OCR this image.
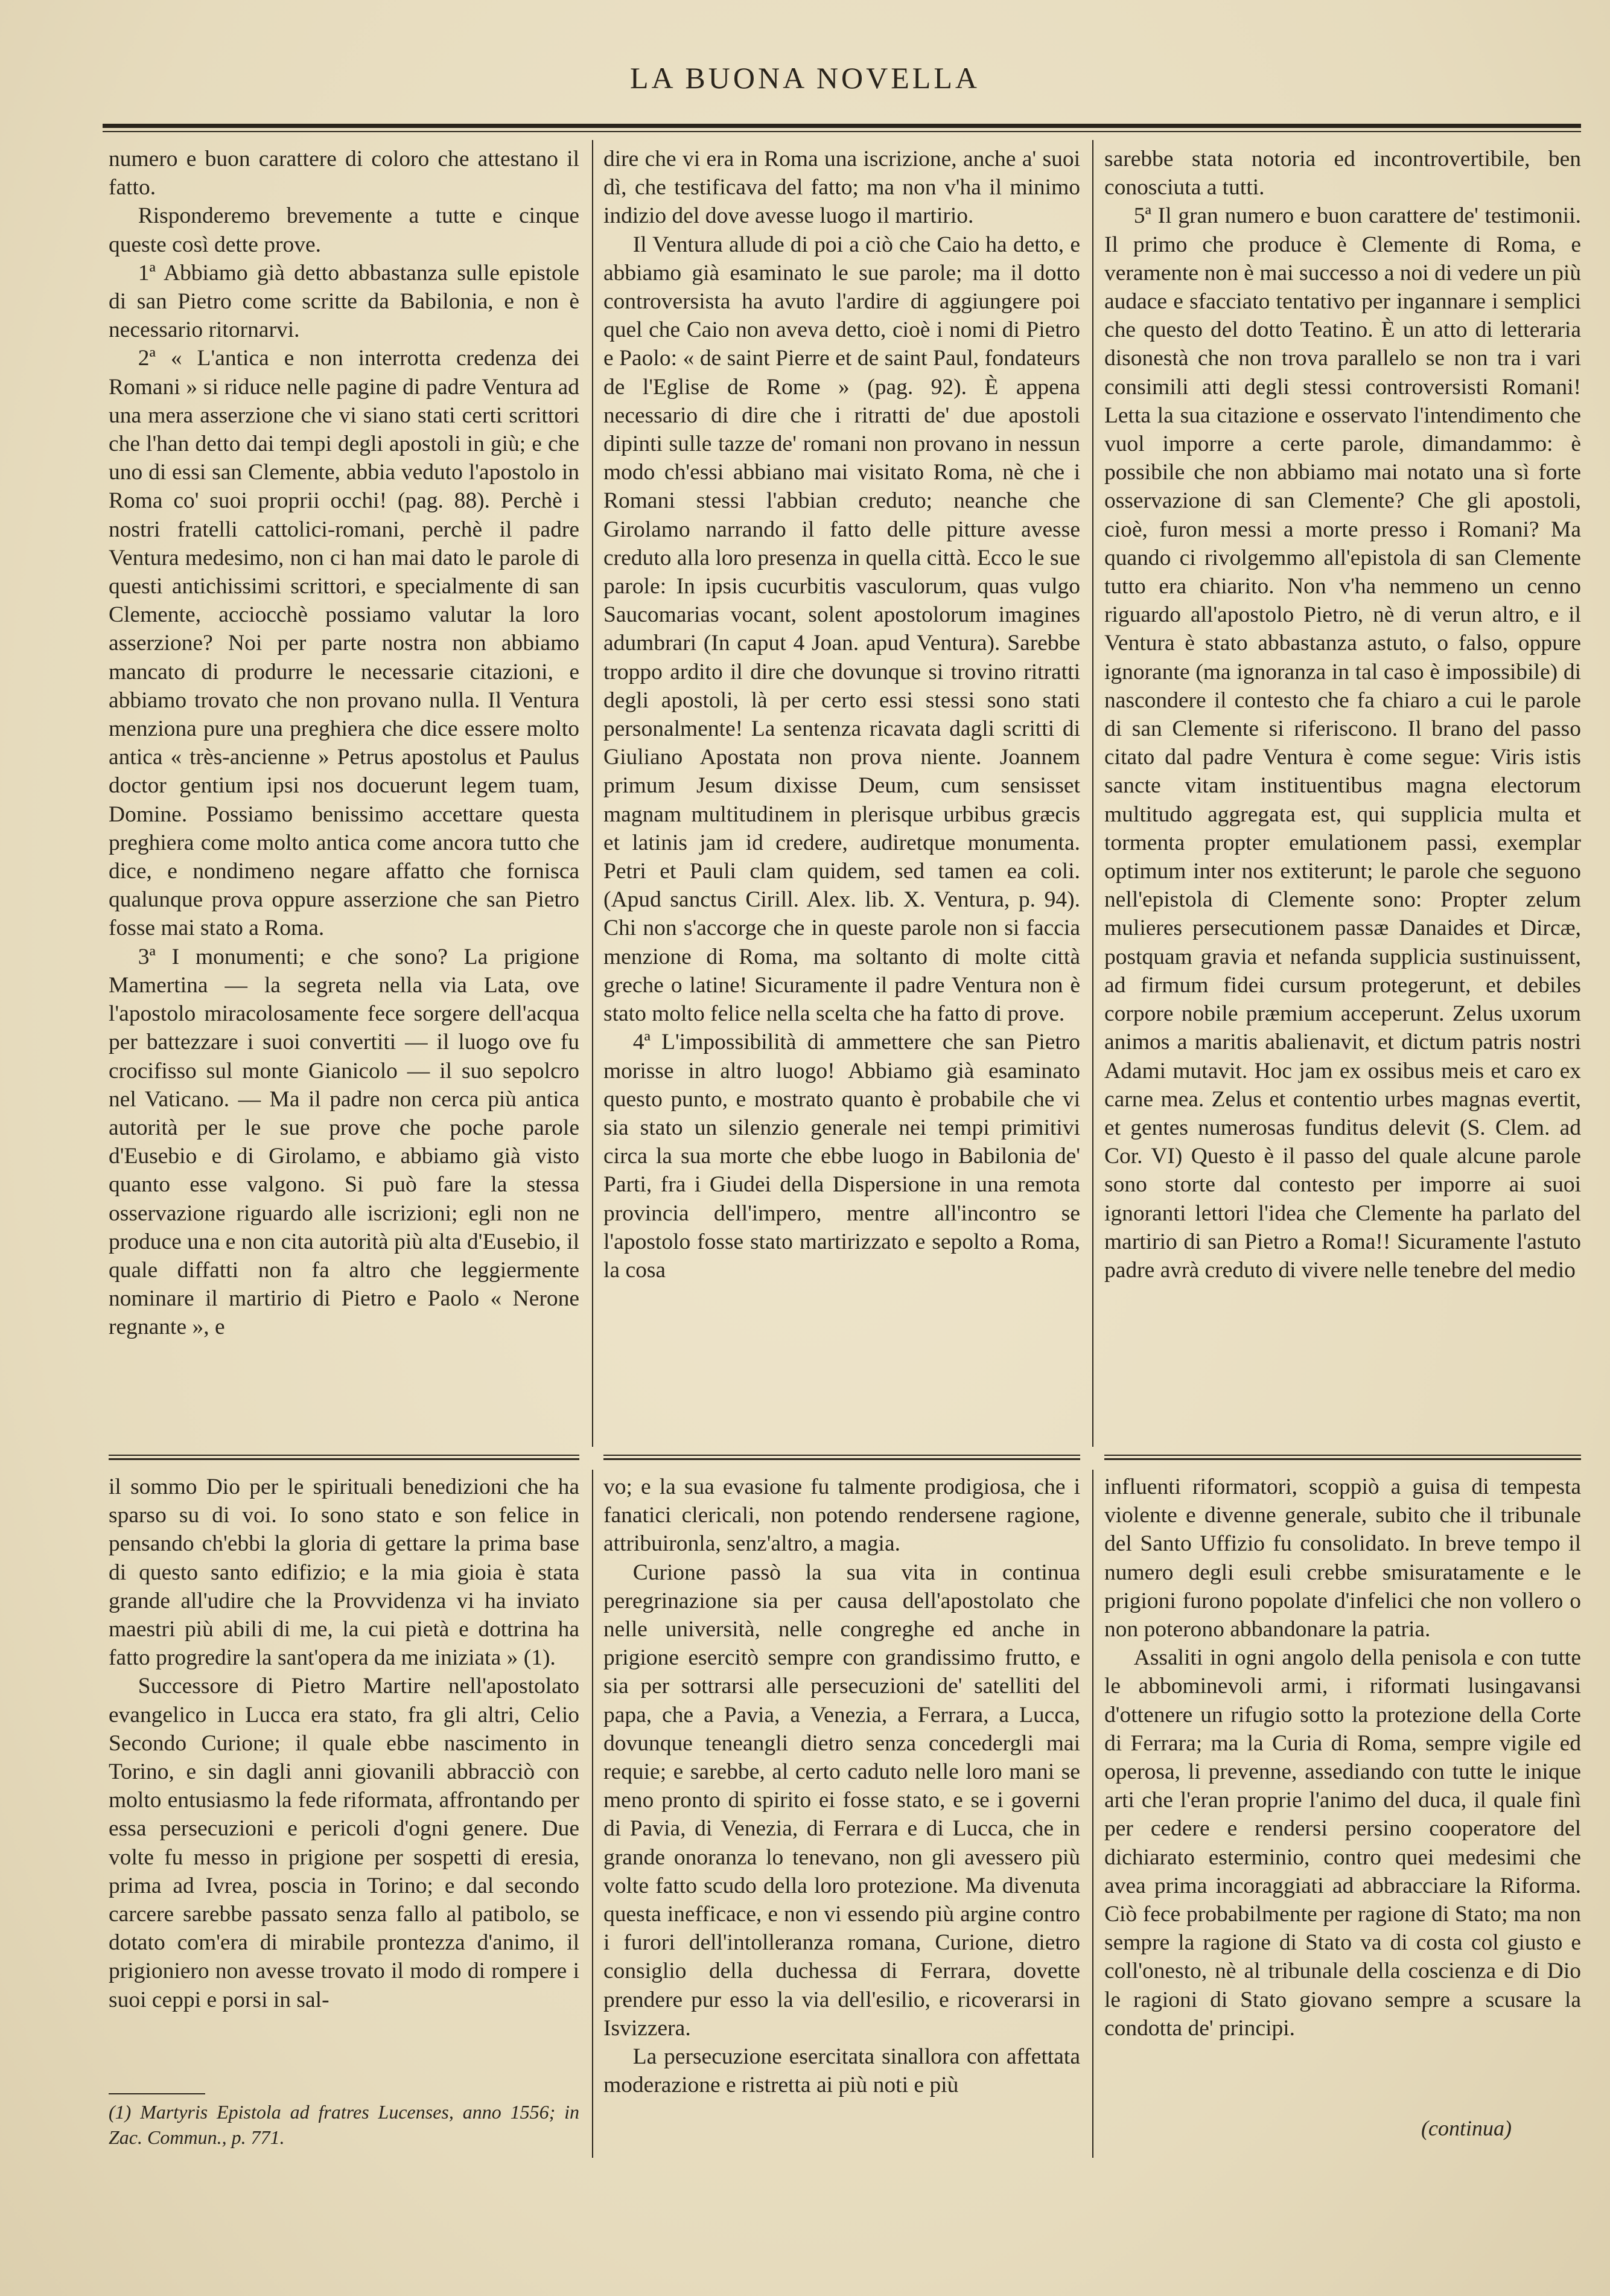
LA BUONA NOVELLA

numero e buon carattere di coloro che attestano il fatto.

Risponderemo brevemente a tutte e cinque queste così dette prove.

1ª Abbiamo già detto abbastanza sulle epistole di san Pietro come scritte da Babilonia, e non è necessario ritornarvi.

2ª « L'antica e non interrotta credenza dei Romani » si riduce nelle pagine di padre Ventura ad una mera asserzione che vi siano stati certi scrittori che l'han detto dai tempi degli apostoli in giù; e che uno di essi san Clemente, abbia veduto l'apostolo in Roma co' suoi proprii occhi! (pag. 88). Perchè i nostri fratelli cattolici-romani, perchè il padre Ventura medesimo, non ci han mai dato le parole di questi antichissimi scrittori, e specialmente di san Clemente, acciocchè possiamo valutar la loro asserzione? Noi per parte nostra non abbiamo mancato di produrre le necessarie citazioni, e abbiamo trovato che non provano nulla. Il Ventura menziona pure una preghiera che dice essere molto antica « très-ancienne » Petrus apostolus et Paulus doctor gentium ipsi nos docuerunt legem tuam, Domine. Possiamo benissimo accettare questa preghiera come molto antica come ancora tutto che dice, e nondimeno negare affatto che fornisca qualunque prova oppure asserzione che san Pietro fosse mai stato a Roma.

3ª I monumenti; e che sono? La prigione Mamertina — la segreta nella via Lata, ove l'apostolo miracolosamente fece sorgere dell'acqua per battezzare i suoi convertiti — il luogo ove fu crocifisso sul monte Gianicolo — il suo sepolcro nel Vaticano. — Ma il padre non cerca più antica autorità per le sue prove che poche parole d'Eusebio e di Girolamo, e abbiamo già visto quanto esse valgono. Si può fare la stessa osservazione riguardo alle iscrizioni; egli non ne produce una e non cita autorità più alta d'Eusebio, il quale diffatti non fa altro che leggiermente nominare il martirio di Pietro e Paolo « Nerone regnante », e

dire che vi era in Roma una iscrizione, anche a' suoi dì, che testificava del fatto; ma non v'ha il minimo indizio del dove avesse luogo il martirio.

Il Ventura allude di poi a ciò che Caio ha detto, e abbiamo già esaminato le sue parole; ma il dotto controversista ha avuto l'ardire di aggiungere poi quel che Caio non aveva detto, cioè i nomi di Pietro e Paolo: « de saint Pierre et de saint Paul, fondateurs de l'Eglise de Rome » (pag. 92). È appena necessario di dire che i ritratti de' due apostoli dipinti sulle tazze de' romani non provano in nessun modo ch'essi abbiano mai visitato Roma, nè che i Romani stessi l'abbian creduto; neanche che Girolamo narrando il fatto delle pitture avesse creduto alla loro presenza in quella città. Ecco le sue parole: In ipsis cucurbitis vasculorum, quas vulgo Saucomarias vocant, solent apostolorum imagines adumbrari (In caput 4 Joan. apud Ventura). Sarebbe troppo ardito il dire che dovunque si trovino ritratti degli apostoli, là per certo essi stessi sono stati personalmente! La sentenza ricavata dagli scritti di Giuliano Apostata non prova niente. Joannem primum Jesum dixisse Deum, cum sensisset magnam multitudinem in plerisque urbibus græcis et latinis jam id credere, audiretque monumenta. Petri et Pauli clam quidem, sed tamen ea coli. (Apud sanctus Cirill. Alex. lib. X. Ventura, p. 94). Chi non s'accorge che in queste parole non si faccia menzione di Roma, ma soltanto di molte città greche o latine! Sicuramente il padre Ventura non è stato molto felice nella scelta che ha fatto di prove.

4ª L'impossibilità di ammettere che san Pietro morisse in altro luogo! Abbiamo già esaminato questo punto, e mostrato quanto è probabile che vi sia stato un silenzio generale nei tempi primitivi circa la sua morte che ebbe luogo in Babilonia de' Parti, fra i Giudei della Dispersione in una remota provincia dell'impero, mentre all'incontro se l'apostolo fosse stato martirizzato e sepolto a Roma, la cosa

sarebbe stata notoria ed incontrovertibile, ben conosciuta a tutti.

5ª Il gran numero e buon carattere de' testimonii. Il primo che produce è Clemente di Roma, e veramente non è mai successo a noi di vedere un più audace e sfacciato tentativo per ingannare i semplici che questo del dotto Teatino. È un atto di letteraria disonestà che non trova parallelo se non tra i vari consimili atti degli stessi controversisti Romani! Letta la sua citazione e osservato l'intendimento che vuol imporre a certe parole, dimandammo: è possibile che non abbiamo mai notato una sì forte osservazione di san Clemente? Che gli apostoli, cioè, furon messi a morte presso i Romani? Ma quando ci rivolgemmo all'epistola di san Clemente tutto era chiarito. Non v'ha nemmeno un cenno riguardo all'apostolo Pietro, nè di verun altro, e il Ventura è stato abbastanza astuto, o falso, oppure ignorante (ma ignoranza in tal caso è impossibile) di nascondere il contesto che fa chiaro a cui le parole di san Clemente si riferiscono. Il brano del passo citato dal padre Ventura è come segue: Viris istis sancte vitam instituentibus magna electorum multitudo aggregata est, qui supplicia multa et tormenta propter emulationem passi, exemplar optimum inter nos extiterunt; le parole che seguono nell'epistola di Clemente sono: Propter zelum mulieres persecutionem passæ Danaides et Dircæ, postquam gravia et nefanda supplicia sustinuissent, ad firmum fidei cursum protegerunt, et debiles corpore nobile præmium acceperunt. Zelus uxorum animos a maritis abalienavit, et dictum patris nostri Adami mutavit. Hoc jam ex ossibus meis et caro ex carne mea. Zelus et contentio urbes magnas evertit, et gentes numerosas funditus delevit (S. Clem. ad Cor. VI) Questo è il passo del quale alcune parole sono storte dal contesto per imporre ai suoi ignoranti lettori l'idea che Clemente ha parlato del martirio di san Pietro a Roma!! Sicuramente l'astuto padre avrà creduto di vivere nelle tenebre del medio

il sommo Dio per le spirituali benedizioni che ha sparso su di voi. Io sono stato e son felice in pensando ch'ebbi la gloria di gettare la prima base di questo santo edifizio; e la mia gioia è stata grande all'udire che la Provvidenza vi ha inviato maestri più abili di me, la cui pietà e dottrina ha fatto progredire la sant'opera da me iniziata » (1).

Successore di Pietro Martire nell'apostolato evangelico in Lucca era stato, fra gli altri, Celio Secondo Curione; il quale ebbe nascimento in Torino, e sin dagli anni giovanili abbracciò con molto entusiasmo la fede riformata, affrontando per essa persecuzioni e pericoli d'ogni genere. Due volte fu messo in prigione per sospetti di eresia, prima ad Ivrea, poscia in Torino; e dal secondo carcere sarebbe passato senza fallo al patibolo, se dotato com'era di mirabile prontezza d'animo, il prigioniero non avesse trovato il modo di rompere i suoi ceppi e porsi in sal-

(1) Martyris Epistola ad fratres Lucenses, anno 1556; in Zac. Commun., p. 771.

vo; e la sua evasione fu talmente prodigiosa, che i fanatici clericali, non potendo rendersene ragione, attribuironla, senz'altro, a magia.

Curione passò la sua vita in continua peregrinazione sia per causa dell'apostolato che nelle università, nelle congreghe ed anche in prigione esercitò sempre con grandissimo frutto, e sia per sottrarsi alle persecuzioni de' satelliti del papa, che a Pavia, a Venezia, a Ferrara, a Lucca, dovunque teneangli dietro senza concedergli mai requie; e sarebbe, al certo caduto nelle loro mani se meno pronto di spirito ei fosse stato, e se i governi di Pavia, di Venezia, di Ferrara e di Lucca, che in grande onoranza lo tenevano, non gli avessero più volte fatto scudo della loro protezione. Ma divenuta questa inefficace, e non vi essendo più argine contro i furori dell'intolleranza romana, Curione, dietro consiglio della duchessa di Ferrara, dovette prendere pur esso la via dell'esilio, e ricoverarsi in Isvizzera.

La persecuzione esercitata sinallora con affettata moderazione e ristretta ai più noti e più

influenti riformatori, scoppiò a guisa di tempesta violente e divenne generale, subito che il tribunale del Santo Uffizio fu consolidato. In breve tempo il numero degli esuli crebbe smisuratamente e le prigioni furono popolate d'infelici che non vollero o non poterono abbandonare la patria.

Assaliti in ogni angolo della penisola e con tutte le abbominevoli armi, i riformati lusingavansi d'ottenere un rifugio sotto la protezione della Corte di Ferrara; ma la Curia di Roma, sempre vigile ed operosa, li prevenne, assediando con tutte le inique arti che l'eran proprie l'animo del duca, il quale finì per cedere e rendersi persino cooperatore del dichiarato esterminio, contro quei medesimi che avea prima incoraggiati ad abbracciare la Riforma. Ciò fece probabilmente per ragione di Stato; ma non sempre la ragione di Stato va di costa col giusto e coll'onesto, nè al tribunale della coscienza e di Dio le ragioni di Stato giovano sempre a scusare la condotta de' principi.

(continua)
